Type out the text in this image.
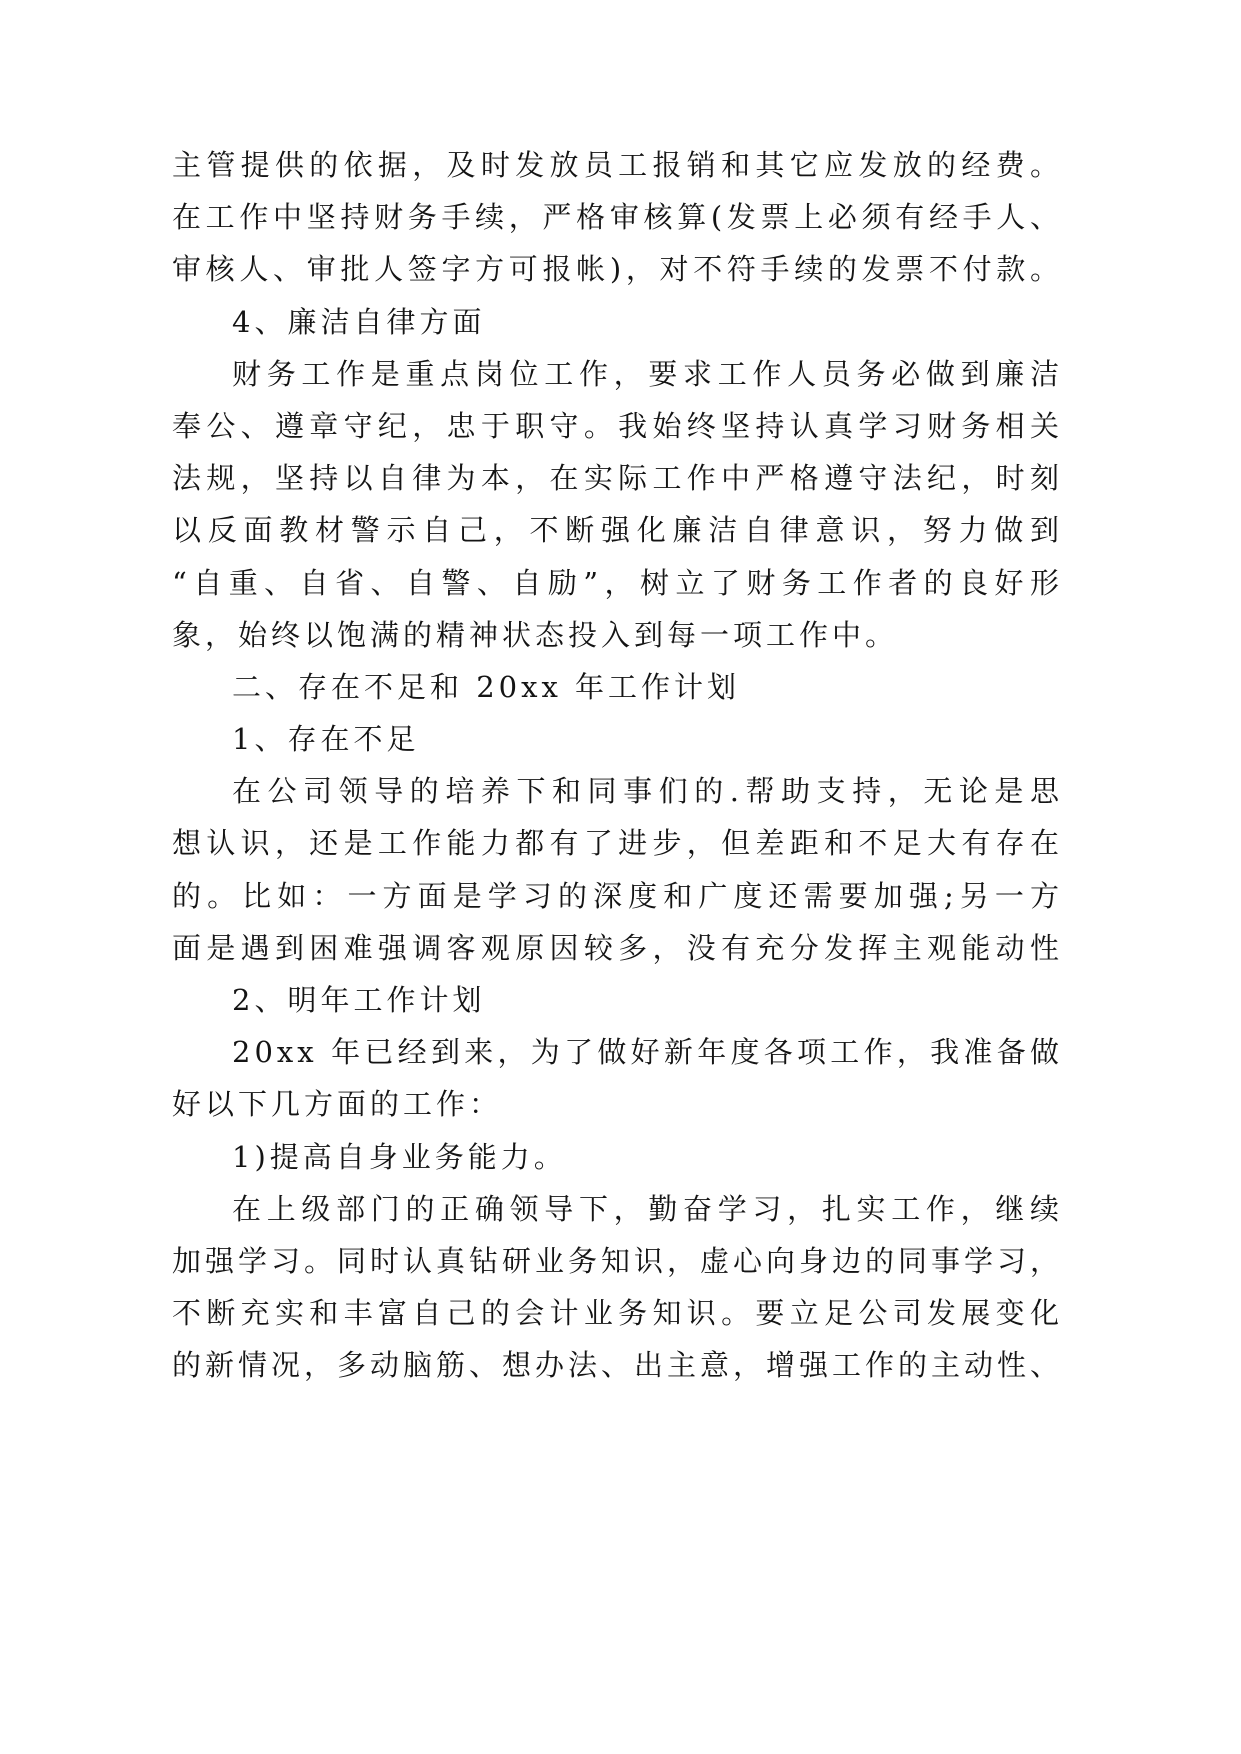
主管提供的依据，及时发放员工报销和其它应发放的经费。
在工作中坚持财务手续，严格审核算(发票上必须有经手人、
审核人、审批人签字方可报帐)，对不符手续的发票不付款。
4、廉洁自律方面
财务工作是重点岗位工作，要求工作人员务必做到廉洁
奉公、遵章守纪，忠于职守。我始终坚持认真学习财务相关
法规，坚持以自律为本，在实际工作中严格遵守法纪，时刻
以反面教材警示自己，不断强化廉洁自律意识，努力做到
“自重、自省、自警、自励”，树立了财务工作者的良好形
象，始终以饱满的精神状态投入到每一项工作中。
二、存在不足和 20xx 年工作计划
1、存在不足
在公司领导的培养下和同事们的.帮助支持，无论是思
想认识，还是工作能力都有了进步，但差距和不足大有存在
的。比如：一方面是学习的深度和广度还需要加强;另一方
面是遇到困难强调客观原因较多，没有充分发挥主观能动性
2、明年工作计划
20xx 年已经到来，为了做好新年度各项工作，我准备做
好以下几方面的工作：
1)提高自身业务能力。
在上级部门的正确领导下，勤奋学习，扎实工作，继续
加强学习。同时认真钻研业务知识，虚心向身边的同事学习，
不断充实和丰富自己的会计业务知识。要立足公司发展变化
的新情况，多动脑筋、想办法、出主意，增强工作的主动性、
